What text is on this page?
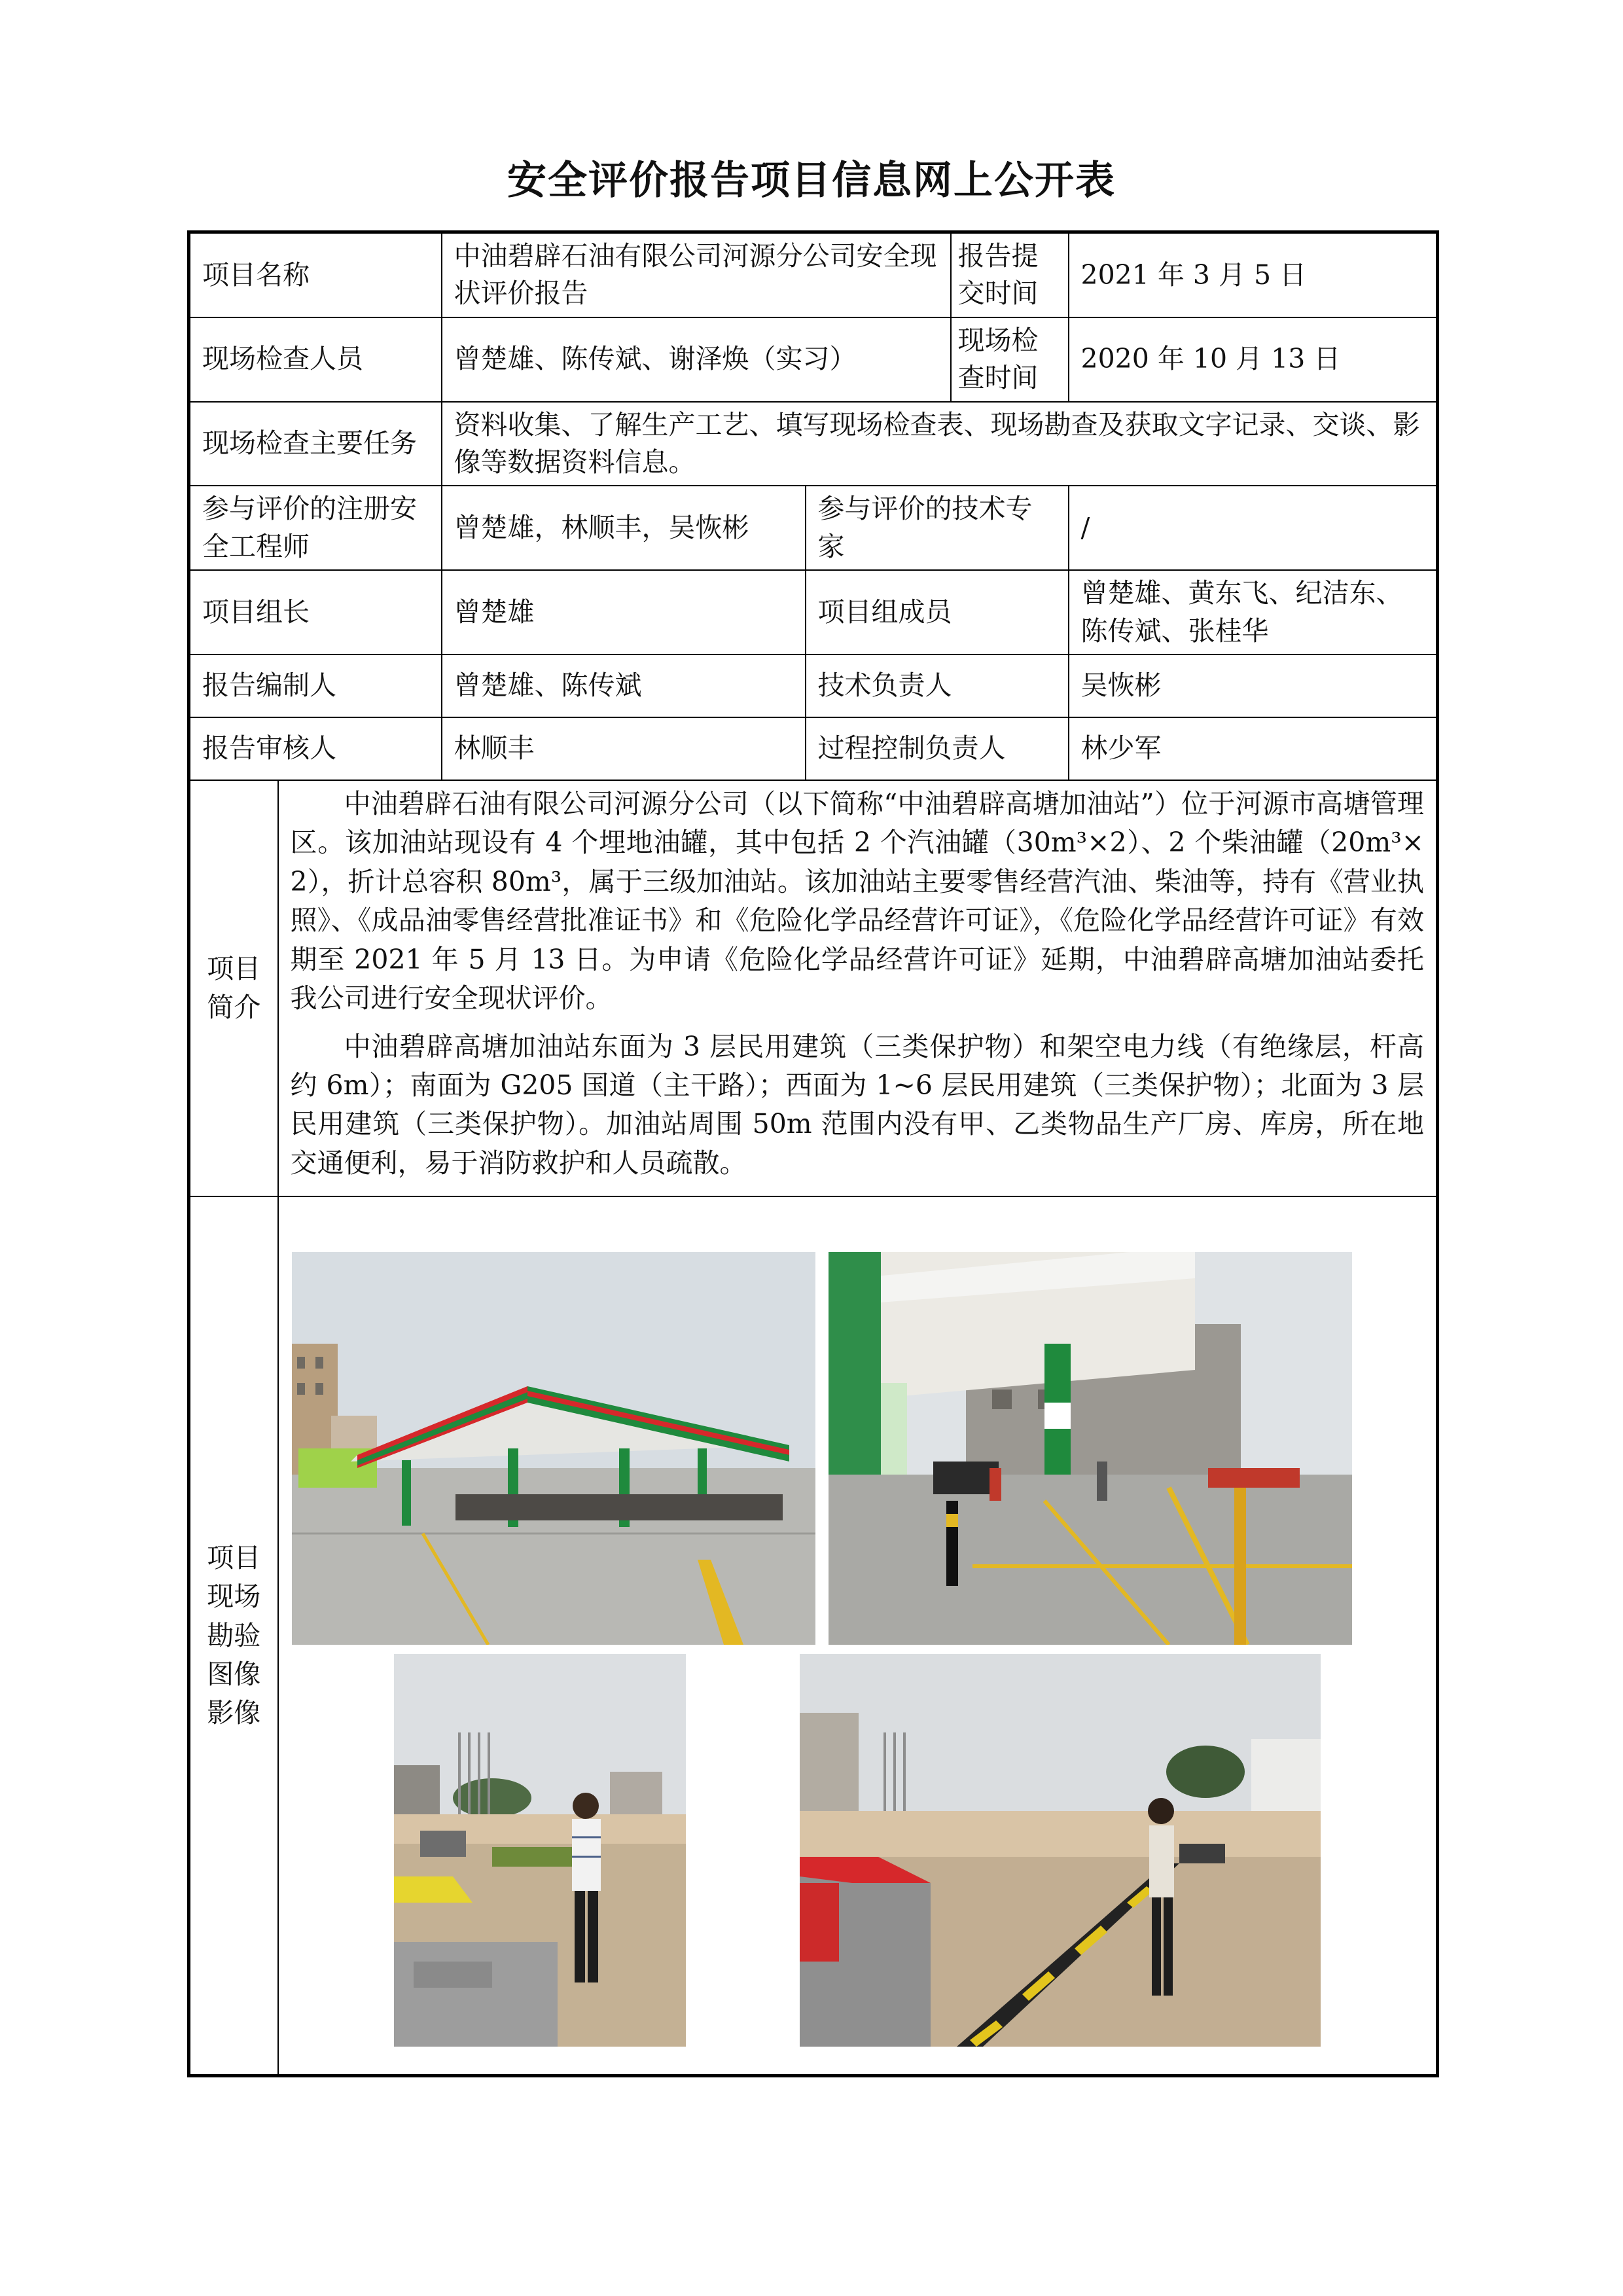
安全评价报告项目信息网上公开表
项目名称		中油碧辟石油有限公司河源分公司安全现状评价报告		报告提交时间	2021 年 3 月 5 日
现场检查人员		曾楚雄、陈传斌、谢泽焕（实习）		现场检查时间	2020 年 10 月 13 日
现场检查主要任务		资料收集、了解生产工艺、填写现场检查表、现场勘查及获取文字记录、交谈、影像等数据资料信息。			
参与评价的注册安全工程师		曾楚雄，林顺丰，吴恢彬	参与评价的技术专家		/
项目组长		曾楚雄	项目组成员		曾楚雄、黄东飞、纪洁东、陈传斌、张桂华
报告编制人		曾楚雄、陈传斌	技术负责人		吴恢彬
报告审核人		林顺丰	过程控制负责人		林少军

项目简介	中油碧辟石油有限公司河源分公司（以下简称“中油碧辟高塘加油站”）位于河源市高塘管理区。该加油站现设有 4 个埋地油罐，其中包括 2 个汽油罐（30m³×2）、2 个柴油罐（20m³×2），折计总容积 80m³，属于三级加油站。该加油站主要零售经营汽油、柴油等，持有《营业执照》、《成品油零售经营批准证书》和《危险化学品经营许可证》，《危险化学品经营许可证》有效期至 2021 年 5 月 13 日。为申请《危险化学品经营许可证》延期，中油碧辟高塘加油站委托我公司进行安全现状评价。

中油碧辟高塘加油站东面为 3 层民用建筑（三类保护物）和架空电力线（有绝缘层，杆高约 6m）；南面为 G205 国道（主干路）；西面为 1~6 层民用建筑（三类保护物）；北面为 3 层民用建筑（三类保护物）。加油站周围 50m 范围内没有甲、乙类物品生产厂房、库房，所在地交通便利，易于消防救护和人员疏散。				

项目现场勘验图像影像
